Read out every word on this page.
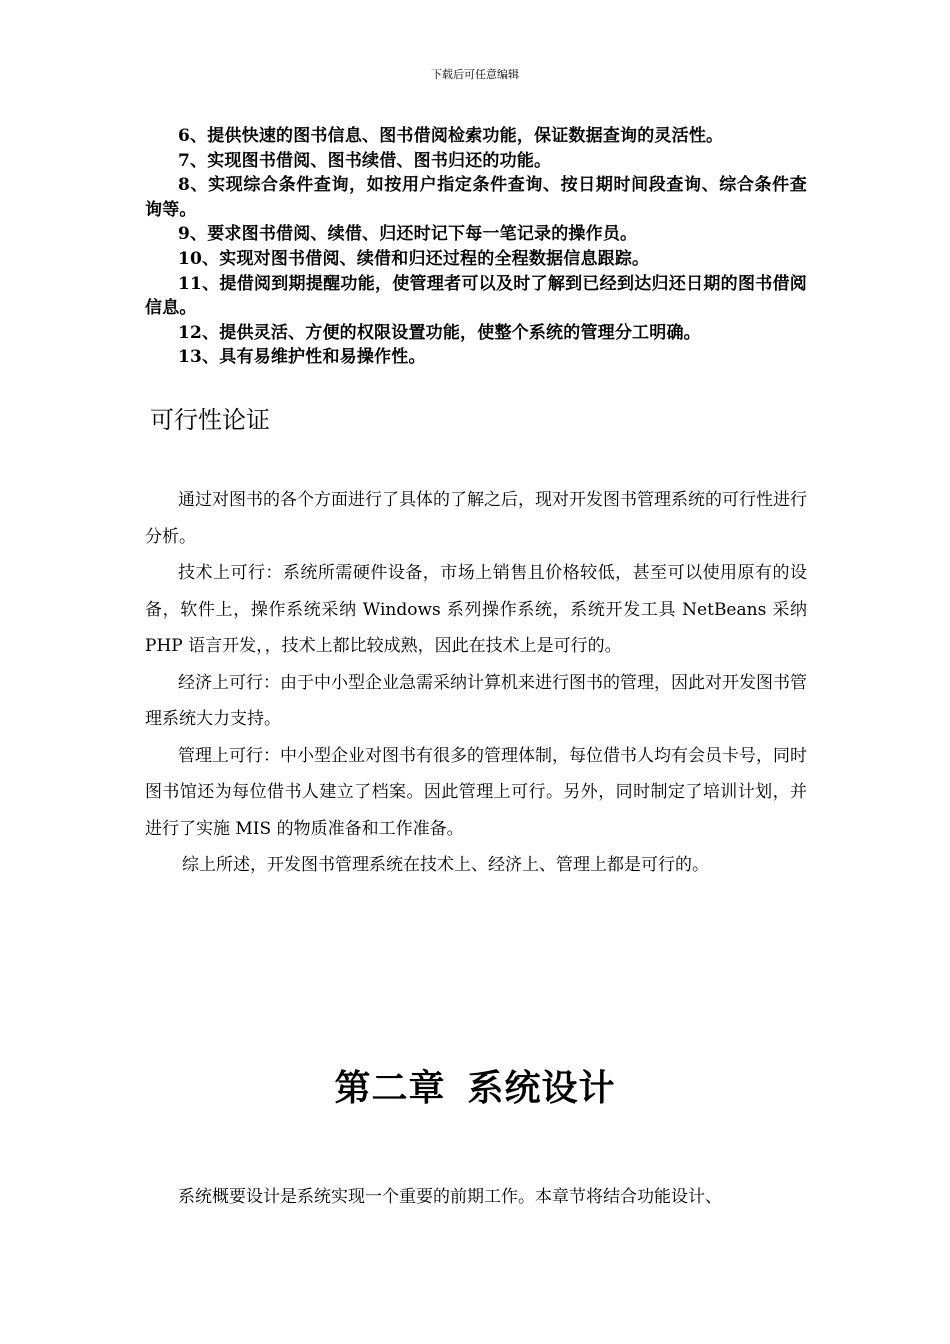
下载后可任意编辑

6、提供快速的图书信息、图书借阅检索功能，保证数据查询的灵活性。

7、实现图书借阅、图书续借、图书归还的功能。

8、实现综合条件查询，如按用户指定条件查询、按日期时间段查询、综合条件查询等。

9、要求图书借阅、续借、归还时记下每一笔记录的操作员。

10、实现对图书借阅、续借和归还过程的全程数据信息跟踪。

11、提借阅到期提醒功能，使管理者可以及时了解到已经到达归还日期的图书借阅信息。

12、提供灵活、方便的权限设置功能，使整个系统的管理分工明确。

13、具有易维护性和易操作性。

可行性论证

通过对图书的各个方面进行了具体的了解之后，现对开发图书管理系统的可行性进行分析。

技术上可行：系统所需硬件设备，市场上销售且价格较低，甚至可以使用原有的设备，软件上，操作系统采纳 Windows 系列操作系统，系统开发工具 NetBeans 采纳 PHP 语言开发，，技术上都比较成熟，因此在技术上是可行的。

经济上可行：由于中小型企业急需采纳计算机来进行图书的管理，因此对开发图书管理系统大力支持。

管理上可行：中小型企业对图书有很多的管理体制，每位借书人均有会员卡号，同时图书馆还为每位借书人建立了档案。因此管理上可行。另外，同时制定了培训计划，并进行了实施 MIS 的物质准备和工作准备。

综上所述，开发图书管理系统在技术上、经济上、管理上都是可行的。

第二章 系统设计

系统概要设计是系统实现一个重要的前期工作。本章节将结合功能设计、
